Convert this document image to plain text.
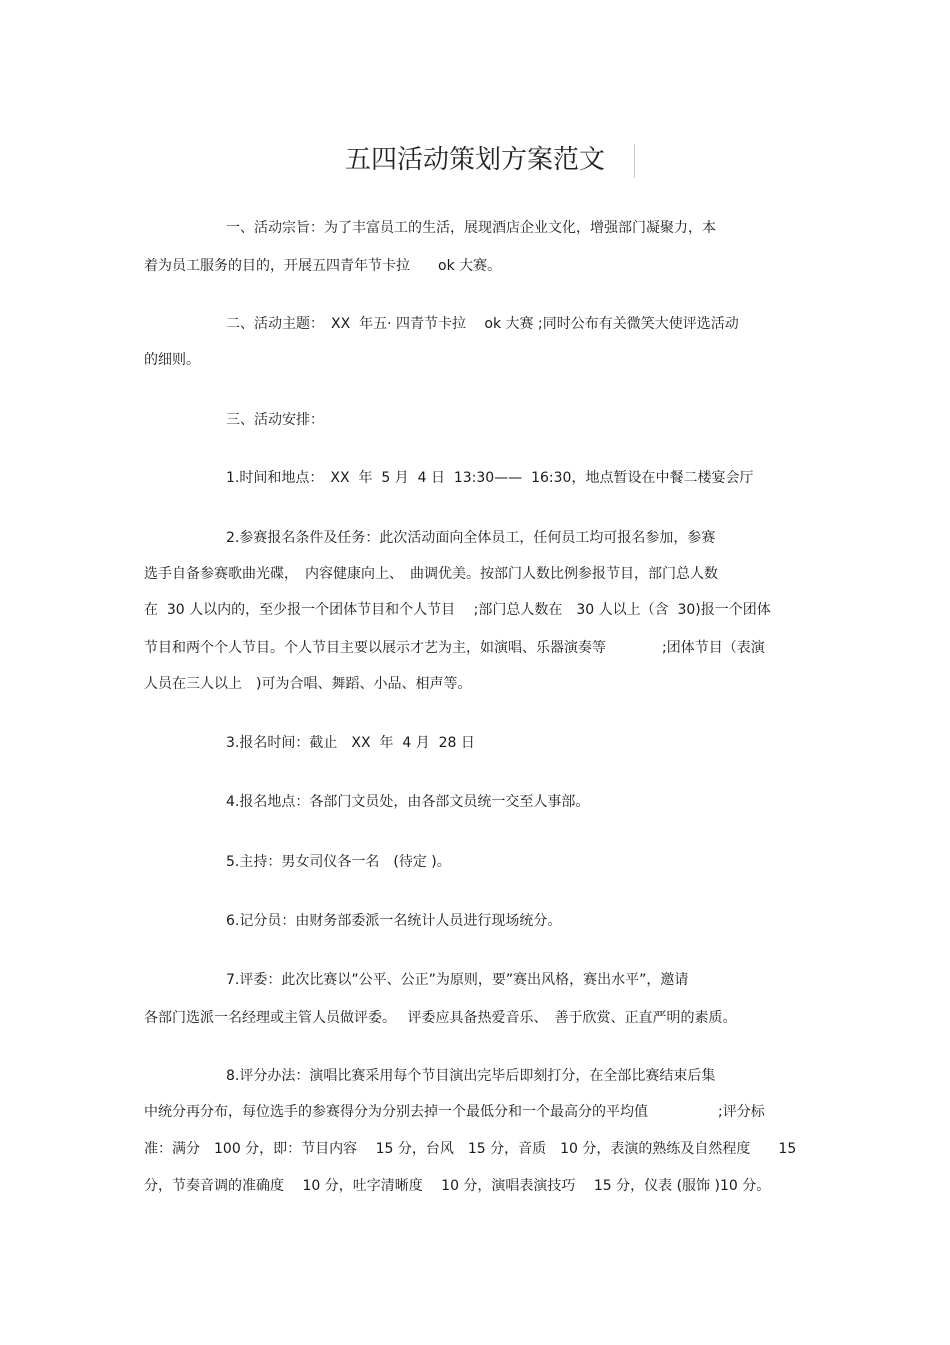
五四活动策划方案范文
一、活动宗旨：为了丰富员工的生活，展现酒店企业文化，增强部门凝聚力，本
着为员工服务的目的，开展五四青年节卡拉　　ok 大赛。
二、活动主题：　XX  年五· 四青节卡拉　 ok 大赛 ;同时公布有关微笑大使评选活动
的细则。
三、活动安排：
1.时间和地点：　XX  年  5 月  4 日  13:30——  16:30，地点暂设在中餐二楼宴会厅
2.参赛报名条件及任务：此次活动面向全体员工，任何员工均可报名参加，参赛
选手自备参赛歌曲光碟，　内容健康向上、　曲调优美。按部门人数比例参报节目，部门总人数
在  30 人以内的，至少报一个团体节目和个人节目　 ;部门总人数在　30 人以上（含  30)报一个团体
节目和两个个人节目。个人节目主要以展示才艺为主，如演唱、乐器演奏等　　　　;团体节目（表演
人员在三人以上　)可为合唱、舞蹈、小品、相声等。
3.报名时间：截止　XX  年  4 月  28 日
4.报名地点：各部门文员处，由各部文员统一交至人事部。
5.主持：男女司仪各一名　(待定 )。
6.记分员：由财务部委派一名统计人员进行现场统分。
7.评委：此次比赛以”公平、公正”为原则，要”赛出风格，赛出水平”，邀请
各部门选派一名经理或主管人员做评委。　 评委应具备热爱音乐、　善于欣赏、正直严明的素质。
8.评分办法：演唱比赛采用每个节目演出完毕后即刻打分，在全部比赛结束后集
中统分再分布，每位选手的参赛得分为分别去掉一个最低分和一个最高分的平均值　　　　　;评分标
准：满分　100 分，即：节目内容　 15 分，台风　15 分，音质　10 分，表演的熟练及自然程度　　15
分，节奏音调的准确度　 10 分，吐字清晰度　 10 分，演唱表演技巧　 15 分，仪表 (服饰 )10 分。
